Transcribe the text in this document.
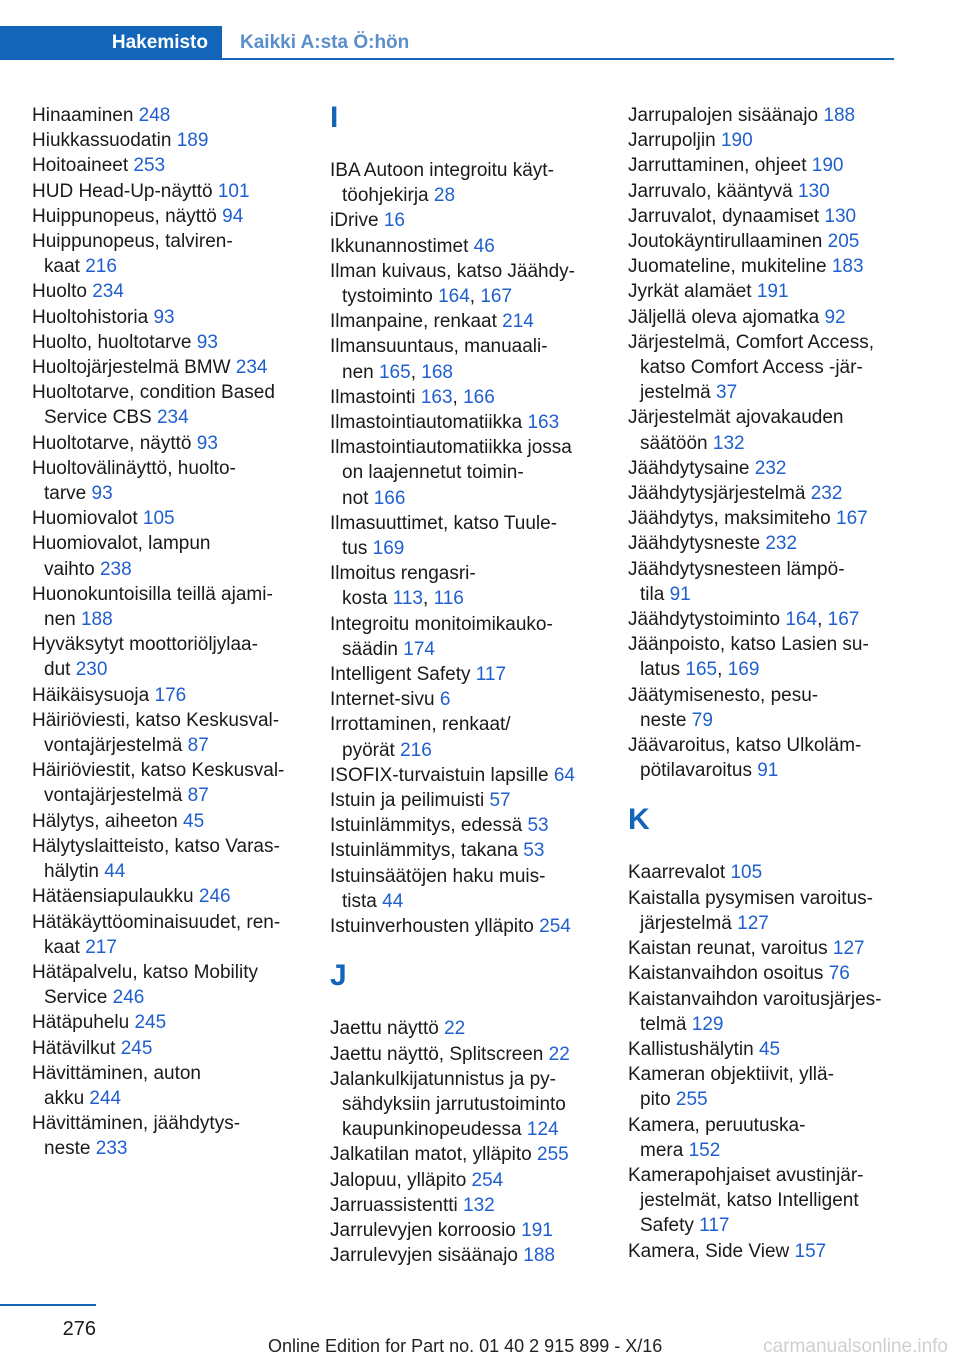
Hakemisto	Kaikki A:sta Ö:hön
Hinaaminen 248
Hiukkassuodatin 189
Hoitoaineet 253
HUD Head-Up-näyttö 101
Huippunopeus, näyttö 94
Huippunopeus, talviren‐
kaat 216
Huolto 234
Huoltohistoria 93
Huolto, huoltotarve 93
Huoltojärjestelmä BMW 234
Huoltotarve, condition Based
Service CBS 234
Huoltotarve, näyttö 93
Huoltovälinäyttö, huolto‐
tarve 93
Huomiovalot 105
Huomiovalot, lampun
vaihto 238
Huonokuntoisilla teillä ajami‐
nen 188
Hyväksytyt moottoriöljylaa‐
dut 230
Häikäisysuoja 176
Häiriöviesti, katso Keskusval‐
vontajärjestelmä 87
Häiriöviestit, katso Keskusval‐
vontajärjestelmä 87
Hälytys, aiheeton 45
Hälytyslaitteisto, katso Varas‐
hälytin 44
Hätäensiapulaukku 246
Hätäkäyttöominaisuudet, ren‐
kaat 217
Hätäpalvelu, katso Mobility
Service 246
Hätäpuhelu 245
Hätävilkut 245
Hävittäminen, auton
akku 244
Hävittäminen, jäähdytys‐
neste 233
I
IBA Autoon integroitu käyt‐
töohjekirja 28
iDrive 16
Ikkunannostimet 46
Ilman kuivaus, katso Jäähdy‐
tystoiminto 164, 167
Ilmanpaine, renkaat 214
Ilmansuuntaus, manuaali‐
nen 165, 168
Ilmastointi 163, 166
Ilmastointiautomatiikka 163
Ilmastointiautomatiikka jossa
on laajennetut toimin‐
not 166
Ilmasuuttimet, katso Tuule‐
tus 169
Ilmoitus rengasri‐
kosta 113, 116
Integroitu monitoimikauko‐
säädin 174
Intelligent Safety 117
Internet-sivu 6
Irrottaminen, renkaat/
pyörät 216
ISOFIX-turvaistuin lapsille 64
Istuin ja peilimuisti 57
Istuinlämmitys, edessä 53
Istuinlämmitys, takana 53
Istuinsäätöjen haku muis‐
tista 44
Istuinverhousten ylläpito 254
J
Jaettu näyttö 22
Jaettu näyttö, Splitscreen 22
Jalankulkijatunnistus ja py‐
sähdyksiin jarrutustoiminto
kaupunkinopeudessa 124
Jalkatilan matot, ylläpito 255
Jalopuu, ylläpito 254
Jarruassistentti 132
Jarrulevyjen korroosio 191
Jarrulevyjen sisäänajo 188
Jarrupalojen sisäänajo 188
Jarrupoljin 190
Jarruttaminen, ohjeet 190
Jarruvalo, kääntyvä 130
Jarruvalot, dynaamiset 130
Joutokäyntirullaaminen 205
Juomateline, mukiteline 183
Jyrkät alamäet 191
Jäljellä oleva ajomatka 92
Järjestelmä, Comfort Access,
katso Comfort Access -jär‐
jestelmä 37
Järjestelmät ajovakauden
säätöön 132
Jäähdytysaine 232
Jäähdytysjärjestelmä 232
Jäähdytys, maksimiteho 167
Jäähdytysneste 232
Jäähdytysnesteen lämpö‐
tila 91
Jäähdytystoiminto 164, 167
Jäänpoisto, katso Lasien su‐
latus 165, 169
Jäätymisenesto, pesu‐
neste 79
Jäävaroitus, katso Ulkoläm‐
pötilavaroitus 91
K
Kaarrevalot 105
Kaistalla pysymisen varoitus‐
järjestelmä 127
Kaistan reunat, varoitus 127
Kaistanvaihdon osoitus 76
Kaistanvaihdon varoitusjärjes‐
telmä 129
Kallistushälytin 45
Kameran objektiivit, yllä‐
pito 255
Kamera, peruutuska‐
mera 152
Kamerapohjaiset avustinjär‐
jestelmät, katso Intelligent
Safety 117
Kamera, Side View 157
276
Online Edition for Part no. 01 40 2 915 899 - X/16	carmanualsonline.info
